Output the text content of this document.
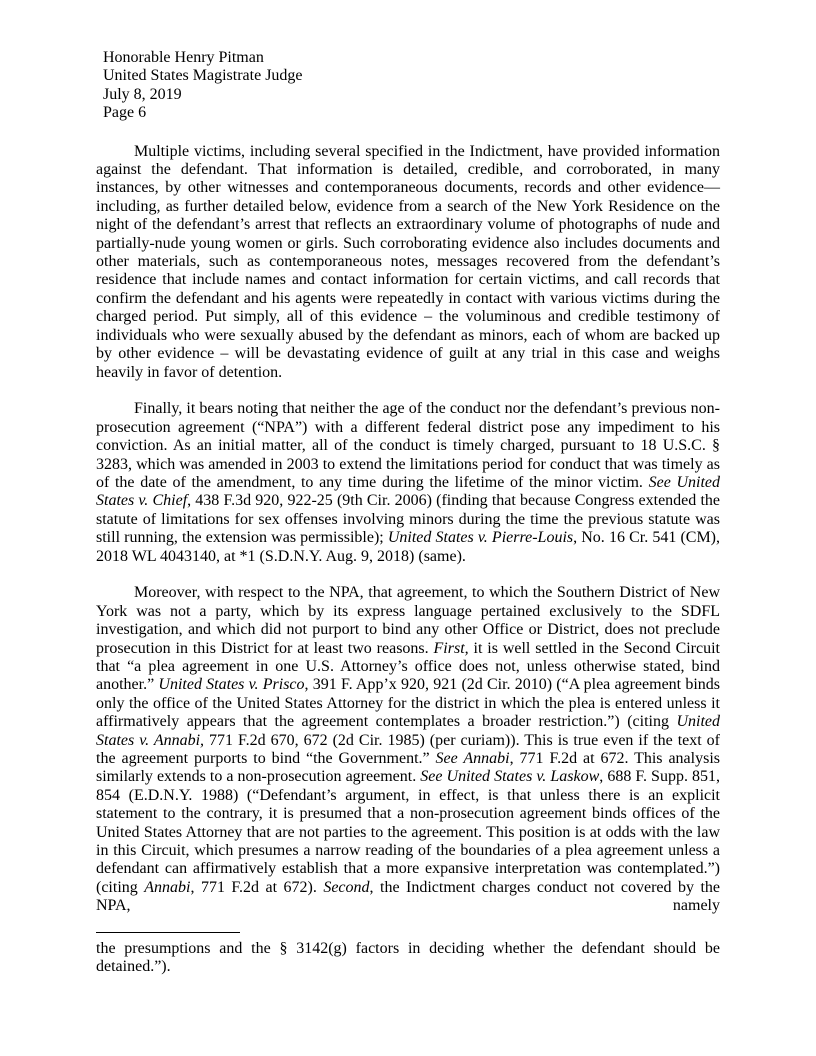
Honorable Henry Pitman
United States Magistrate Judge
July 8, 2019
Page 6

Multiple victims, including several specified in the Indictment, have provided information against the defendant. That information is detailed, credible, and corroborated, in many instances, by other witnesses and contemporaneous documents, records and other evidence—including, as further detailed below, evidence from a search of the New York Residence on the night of the defendant’s arrest that reflects an extraordinary volume of photographs of nude and partially-nude young women or girls. Such corroborating evidence also includes documents and other materials, such as contemporaneous notes, messages recovered from the defendant’s residence that include names and contact information for certain victims, and call records that confirm the defendant and his agents were repeatedly in contact with various victims during the charged period. Put simply, all of this evidence – the voluminous and credible testimony of individuals who were sexually abused by the defendant as minors, each of whom are backed up by other evidence – will be devastating evidence of guilt at any trial in this case and weighs heavily in favor of detention.

Finally, it bears noting that neither the age of the conduct nor the defendant’s previous non-prosecution agreement (“NPA”) with a different federal district pose any impediment to his conviction. As an initial matter, all of the conduct is timely charged, pursuant to 18 U.S.C. § 3283, which was amended in 2003 to extend the limitations period for conduct that was timely as of the date of the amendment, to any time during the lifetime of the minor victim. See United States v. Chief, 438 F.3d 920, 922-25 (9th Cir. 2006) (finding that because Congress extended the statute of limitations for sex offenses involving minors during the time the previous statute was still running, the extension was permissible); United States v. Pierre-Louis, No. 16 Cr. 541 (CM), 2018 WL 4043140, at *1 (S.D.N.Y. Aug. 9, 2018) (same).

Moreover, with respect to the NPA, that agreement, to which the Southern District of New York was not a party, which by its express language pertained exclusively to the SDFL investigation, and which did not purport to bind any other Office or District, does not preclude prosecution in this District for at least two reasons. First, it is well settled in the Second Circuit that “a plea agreement in one U.S. Attorney’s office does not, unless otherwise stated, bind another.” United States v. Prisco, 391 F. App’x 920, 921 (2d Cir. 2010) (“A plea agreement binds only the office of the United States Attorney for the district in which the plea is entered unless it affirmatively appears that the agreement contemplates a broader restriction.”) (citing United States v. Annabi, 771 F.2d 670, 672 (2d Cir. 1985) (per curiam)). This is true even if the text of the agreement purports to bind “the Government.” See Annabi, 771 F.2d at 672. This analysis similarly extends to a non-prosecution agreement. See United States v. Laskow, 688 F. Supp. 851, 854 (E.D.N.Y. 1988) (“Defendant’s argument, in effect, is that unless there is an explicit statement to the contrary, it is presumed that a non-prosecution agreement binds offices of the United States Attorney that are not parties to the agreement. This position is at odds with the law in this Circuit, which presumes a narrow reading of the boundaries of a plea agreement unless a defendant can affirmatively establish that a more expansive interpretation was contemplated.”) (citing Annabi, 771 F.2d at 672). Second, the Indictment charges conduct not covered by the NPA, namely

the presumptions and the § 3142(g) factors in deciding whether the defendant should be detained.”).
